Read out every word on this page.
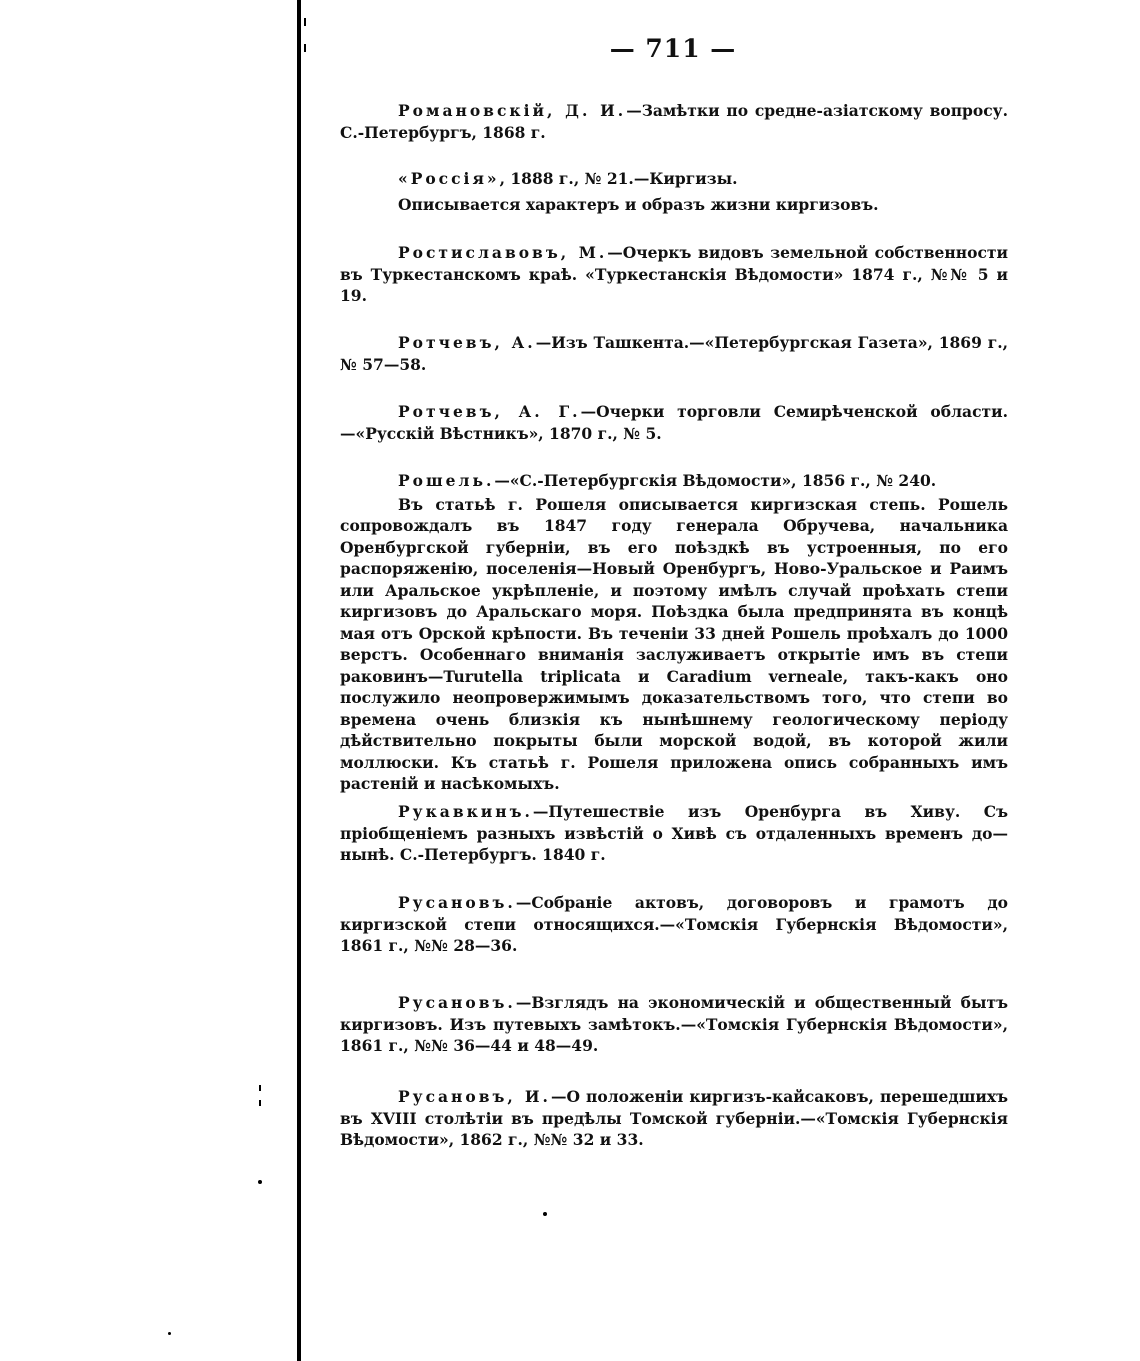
— 711 —

Романовскій, Д. И.—Замѣтки по средне-азіатскому вопросу. С.-Петербургъ, 1868 г.

«Россія», 1888 г., № 21.—Киргизы.

Описывается характеръ и образъ жизни киргизовъ.

Ростиславовъ, М.—Очеркъ видовъ земельной собственности въ Туркестанскомъ краѣ. «Туркестанскія Вѣдомости» 1874 г., №№ 5 и 19.

Ротчевъ, А.—Изъ Ташкента.—«Петербургская Газета», 1869 г., № 57—58.

Ротчевъ, А. Г.—Очерки торговли Семирѣченской области.—«Русскій Вѣстникъ», 1870 г., № 5.

Рошель.—«С.-Петербургскія Вѣдомости», 1856 г., № 240.

Въ статьѣ г. Рошеля описывается киргизская степь. Рошель сопровождалъ въ 1847 году генерала Обручева, начальника Оренбургской губерніи, въ его поѣздкѣ въ устроенныя, по его распоряженію, поселенія—Новый Оренбургъ, Ново-Уральское и Раимъ или Аральское укрѣпленіе, и поэтому имѣлъ случай проѣхать степи киргизовъ до Аральскаго моря. Поѣздка была предпринята въ концѣ мая отъ Орской крѣпости. Въ теченіи 33 дней Рошель проѣхалъ до 1000 верстъ. Особеннаго вниманія заслуживаетъ открытіе имъ въ степи раковинъ—Turutella triplicata и Caradium verneale, такъ-какъ оно послужило неопровержимымъ доказательствомъ того, что степи во времена очень близкія къ нынѣшнему геологическому періоду дѣйствительно покрыты были морской водой, въ которой жили моллюски. Къ статьѣ г. Рошеля приложена опись собранныхъ имъ растеній и насѣкомыхъ.

Рукавкинъ.—Путешествіе изъ Оренбурга въ Хиву. Съ пріобщеніемъ разныхъ извѣстій о Хивѣ съ отдаленныхъ временъ до—нынѣ. С.-Петербургъ. 1840 г.

Русановъ.—Собраніе актовъ, договоровъ и грамотъ до киргизской степи относящихся.—«Томскія Губернскія Вѣдомости», 1861 г., №№ 28—36.

Русановъ.—Взглядъ на экономическій и общественный бытъ киргизовъ. Изъ путевыхъ замѣтокъ.—«Томскія Губернскія Вѣдомости», 1861 г., №№ 36—44 и 48—49.

Русановъ, И.—О положеніи киргизъ-кайсаковъ, перешедшихъ въ XVIII столѣтіи въ предѣлы Томской губерніи.—«Томскія Губернскія Вѣдомости», 1862 г., №№ 32 и 33.
